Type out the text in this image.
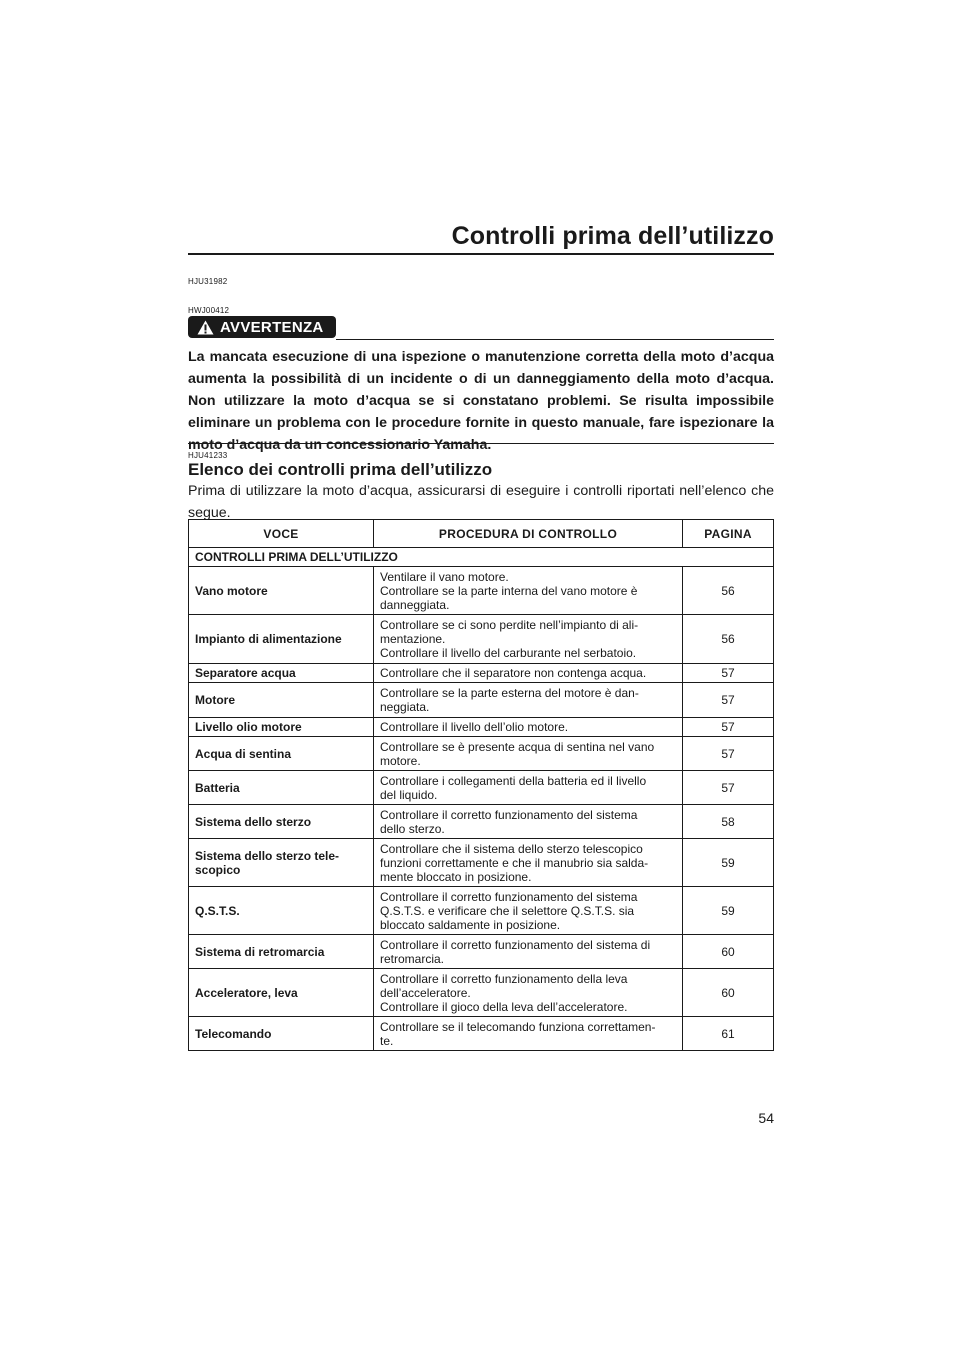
Controlli prima dell’utilizzo
HJU31982
HWJ00412
AVVERTENZA
La mancata esecuzione di una ispezione o manutenzione corretta della moto d’acqua aumenta la possibilità di un incidente o di un danneggiamento della moto d’acqua. Non utilizzare la moto d’acqua se si constatano problemi. Se risulta impossibile eliminare un problema con le procedure fornite in questo manuale, fare ispezionare la moto d’acqua da un concessionario Yamaha.
HJU41233
Elenco dei controlli prima dell’utilizzo
Prima di utilizzare la moto d’acqua, assicurarsi di eseguire i controlli riportati nell’elenco che segue.
VOCE	PROCEDURA DI CONTROLLO	PAGINA
CONTROLLI PRIMA DELL’UTILIZZO		
Vano motore	Ventilare il vano motore.
Controllare se la parte interna del vano motore è
danneggiata.	56
Impianto di alimentazione	Controllare se ci sono perdite nell’impianto di ali-
mentazione.
Controllare il livello del carburante nel serbatoio.	56
Separatore acqua	Controllare che il separatore non contenga acqua.	57
Motore	Controllare se la parte esterna del motore è dan-
neggiata.	57
Livello olio motore	Controllare il livello dell’olio motore.	57
Acqua di sentina	Controllare se è presente acqua di sentina nel vano
motore.	57
Batteria	Controllare i collegamenti della batteria ed il livello
del liquido.	57
Sistema dello sterzo	Controllare il corretto funzionamento del sistema
dello sterzo.	58
Sistema dello sterzo tele-
scopico	Controllare che il sistema dello sterzo telescopico
funzioni correttamente e che il manubrio sia salda-
mente bloccato in posizione.	59
Q.S.T.S.	Controllare il corretto funzionamento del sistema
Q.S.T.S. e verificare che il selettore Q.S.T.S. sia
bloccato saldamente in posizione.	59
Sistema di retromarcia	Controllare il corretto funzionamento del sistema di
retromarcia.	60
Acceleratore, leva	Controllare il corretto funzionamento della leva
dell’acceleratore.
Controllare il gioco della leva dell’acceleratore.	60
Telecomando	Controllare se il telecomando funziona correttamen-
te.	61
54
